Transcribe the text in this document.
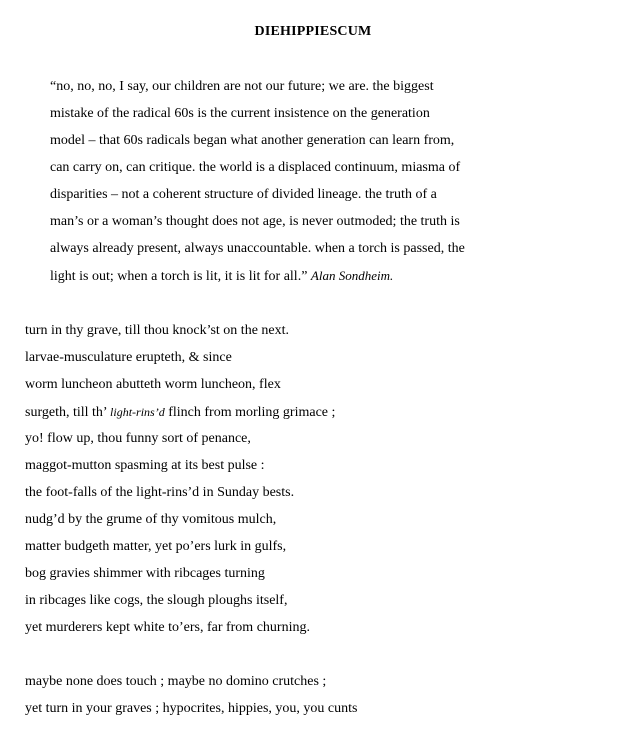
DIEHIPPIESCUM
“no, no, no, I say, our children are not our future; we are. the biggest
mistake of the radical 60s is the current insistence on the generation
model – that 60s radicals began what another generation can learn from,
can carry on, can critique. the world is a displaced continuum, miasma of
disparities – not a coherent structure of divided lineage. the truth of a
man’s or a woman’s thought does not age, is never outmoded; the truth is
always already present, always unaccountable. when a torch is passed, the
light is out; when a torch is lit, it is lit for all.” Alan Sondheim.
turn in thy grave, till thou knock’st on the next.
larvae-musculature erupteth, & since
worm luncheon abutteth worm luncheon, flex
surgeth, till th’ light-rins’d flinch from morling grimace ;
yo! flow up, thou funny sort of penance,
maggot-mutton spasming at its best pulse :
the foot-falls of the light-rins’d in Sunday bests.
nudg’d by the grume of thy vomitous mulch,
matter budgeth matter, yet po’ers lurk in gulfs,
bog gravies shimmer with ribcages turning
in ribcages like cogs, the slough ploughs itself,
yet murderers kept white to’ers, far from churning.
maybe none does touch ; maybe no domino crutches ;
yet turn in your graves ; hypocrites, hippies, you, you cunts
